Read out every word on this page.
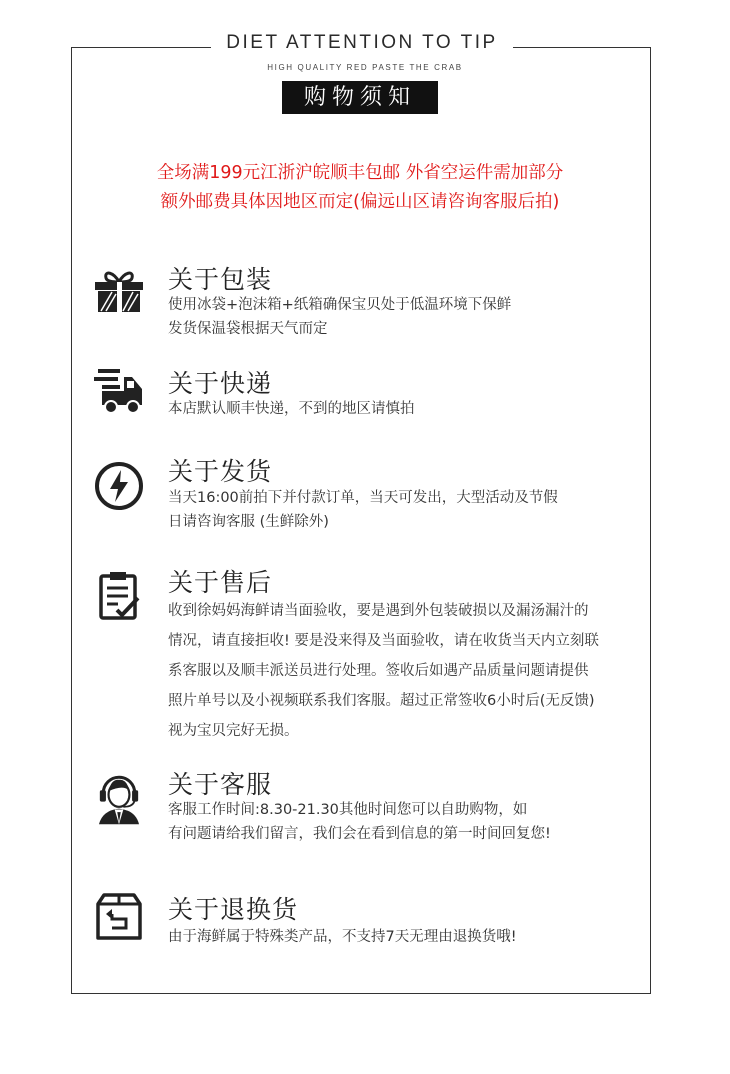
DIET ATTENTION TO TIP
HIGH QUALITY RED PASTE THE CRAB
购物须知
全场满199元江浙沪皖顺丰包邮 外省空运件需加部分
额外邮费具体因地区而定(偏远山区请咨询客服后拍)
关于包装
使用冰袋+泡沫箱+纸箱确保宝贝处于低温环境下保鲜
发货保温袋根据天气而定
关于快递
本店默认顺丰快递，不到的地区请慎拍
关于发货
当天16:00前拍下并付款订单，当天可发出，大型活动及节假
日请咨询客服 (生鲜除外)
关于售后
收到徐妈妈海鲜请当面验收，要是遇到外包装破损以及漏汤漏汁的
情况，请直接拒收! 要是没来得及当面验收，请在收货当天内立刻联
系客服以及顺丰派送员进行处理。签收后如遇产品质量问题请提供
照片单号以及小视频联系我们客服。超过正常签收6小时后(无反馈)
视为宝贝完好无损。
关于客服
客服工作时间:8.30-21.30其他时间您可以自助购物，如
有问题请给我们留言，我们会在看到信息的第一时间回复您!
关于退换货
由于海鲜属于特殊类产品，不支持7天无理由退换货哦!
